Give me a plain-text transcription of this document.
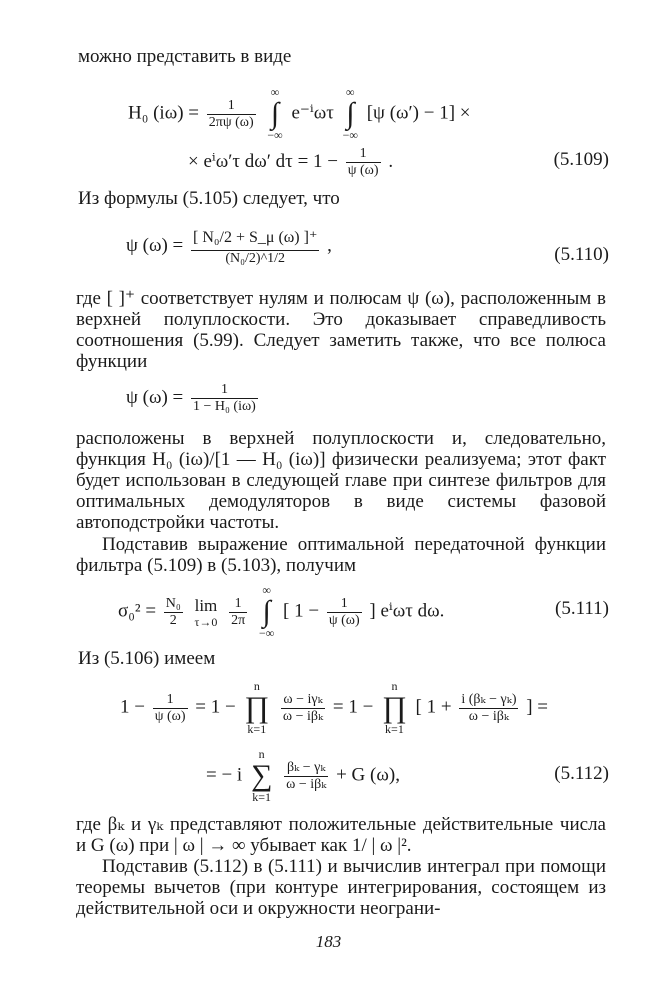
можно представить в виде
H₀ $(i\omega) = \frac{1}{2\pi\psi (\omega)}$

∞
∫
−∞
e⁻ⁱωτ
∞
∫
−∞
[ψ (ω′) − 1] ×
× eⁱω′τ dω′ $d\tau = 1 - \frac{1}{\psi (\omega)}$ .	(5.109)
Из формулы (5.105) следует, что
ψ $(\omega) = \frac{\text{[ N₀/2 + S\_μ (ω) ]⁺}}{\text{(N₀/2)\textasciicircum{}1/2}}$ ,	(5.110)

где [ ]⁺ соответствует нулям и полюсам ψ (ω), расположенным в верхней полуплоскости. Это доказывает справедливость соотношения (5.99). Следует заметить также, что все полюса функции

ψ $(\omega) = \frac{1}{\text{1 − H₀ (iω)}}$

расположены в верхней полуплоскости и, следовательно, функция H₀ (iω)/[1 — H₀ (iω)] физически реализуема; этот факт будет использован в следующей главе при синтезе фильтров для оптимальных демодуляторов в виде системы фазовой автоподстройки частоты.

Подставив выражение оптимальной передаточной функции фильтра (5.109) в (5.103), получим

$\sigma_0^2 = \frac{\text{N₀}}{2}$
lim
τ→0
$\frac{1}{2\pi}$

∞
∫
−∞
[ $1 - \frac{1}{\psi (\omega)}$ ] eⁱωτ dω.	(5.111)
Из (5.106) имеем
$1 - \frac{1}{\psi (\omega)} = 1$ −
n
∏
k=1

$\frac{\text{ω − iγₖ}}{\text{ω − iβₖ}} = 1$ −
n
∏
k=1
[ $1 + \frac{\text{i (βₖ − γₖ)}}{\text{ω − iβₖ}}$ ] =
= − i
n
∑
k=1

$\frac{\text{βₖ − γₖ}}{\text{ω − iβₖ}} + G$ (ω),	(5.112)

где βₖ и γₖ представляют положительные действительные числа и G (ω) при | ω | → ∞ убывает как 1/ | ω |².

Подставив (5.112) в (5.111) и вычислив интеграл при помощи теоремы вычетов (при контуре интегрирования, состоящем из действительной оси и окружности неограни-

183
